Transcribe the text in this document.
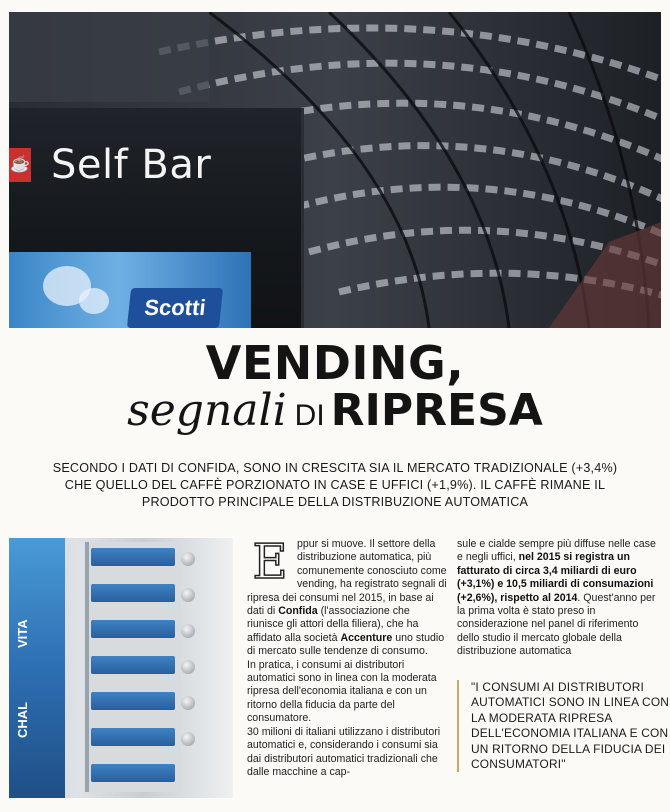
☕ Self Bar
Scotti
VENDING,
segnali DI RIPRESA
SECONDO I DATI DI CONFIDA, SONO IN CRESCITA SIA IL MERCATO TRADIZIONALE (+3,4%) CHE QUELLO DEL CAFFÈ PORZIONATO IN CASE E UFFICI (+1,9%). IL CAFFÈ RIMANE IL PRODOTTO PRINCIPALE DELLA DISTRIBUZIONE AUTOMATICA
VITA
CHAL

Eppur si muove. Il settore della distribuzione automatica, più comunemente conosciuto come vending, ha registrato segnali di ripresa dei consumi nel 2015, in base ai dati di Confida (l'associazione che riunisce gli attori della filiera), che ha affidato alla società Accenture uno studio di mercato sulle tendenze di consumo.

In pratica, i consumi ai distributori automatici sono in linea con la moderata ripresa dell'economia italiana e con un ritorno della fiducia da parte del consumatore.

30 milioni di italiani utilizzano i distributori automatici e, considerando i consumi sia dai distributori automatici tradizionali che dalle macchine a cap-

sule e cialde sempre più diffuse nelle case e negli uffici, nel 2015 si registra un fatturato di circa 3,4 miliardi di euro (+3,1%) e 10,5 miliardi di consumazioni (+2,6%), rispetto al 2014. Quest'anno per la prima volta è stato preso in considerazione nel panel di riferimento dello studio il mercato globale della distribuzione automatica

"I CONSUMI AI DISTRIBUTORI AUTOMATICI SONO IN LINEA CON LA MODERATA RIPRESA DELL'ECONOMIA ITALIANA E CON UN RITORNO DELLA FIDUCIA DEI CONSUMATORI"
